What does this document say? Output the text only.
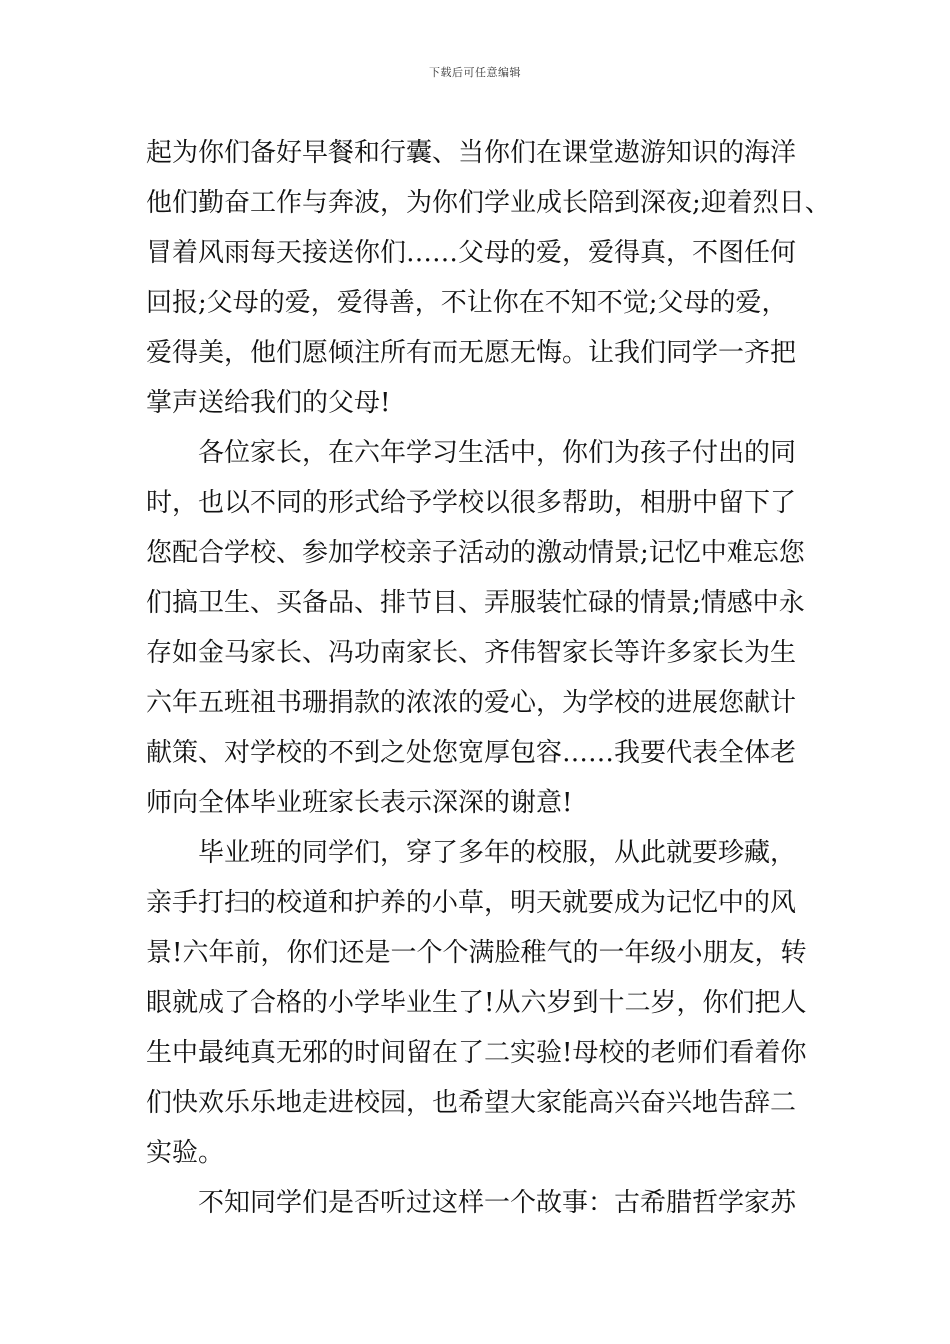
下载后可任意编辑
起为你们备好早餐和行囊、当你们在课堂遨游知识的海洋
他们勤奋工作与奔波，为你们学业成长陪到深夜;迎着烈日、
冒着风雨每天接送你们……父母的爱，爱得真，不图任何
回报;父母的爱，爱得善，不让你在不知不觉;父母的爱，
爱得美，他们愿倾注所有而无愿无悔。让我们同学一齐把
掌声送给我们的父母!
各位家长，在六年学习生活中，你们为孩子付出的同
时，也以不同的形式给予学校以很多帮助，相册中留下了
您配合学校、参加学校亲子活动的激动情景;记忆中难忘您
们搞卫生、买备品、排节目、弄服装忙碌的情景;情感中永
存如金马家长、冯功南家长、齐伟智家长等许多家长为生
六年五班祖书珊捐款的浓浓的爱心，为学校的进展您献计
献策、对学校的不到之处您宽厚包容……我要代表全体老
师向全体毕业班家长表示深深的谢意!
毕业班的同学们，穿了多年的校服，从此就要珍藏，
亲手打扫的校道和护养的小草，明天就要成为记忆中的风
景!六年前，你们还是一个个满脸稚气的一年级小朋友，转
眼就成了合格的小学毕业生了!从六岁到十二岁，你们把人
生中最纯真无邪的时间留在了二实验!母校的老师们看着你
们快欢乐乐地走进校园，也希望大家能高兴奋兴地告辞二
实验。
不知同学们是否听过这样一个故事：古希腊哲学家苏
